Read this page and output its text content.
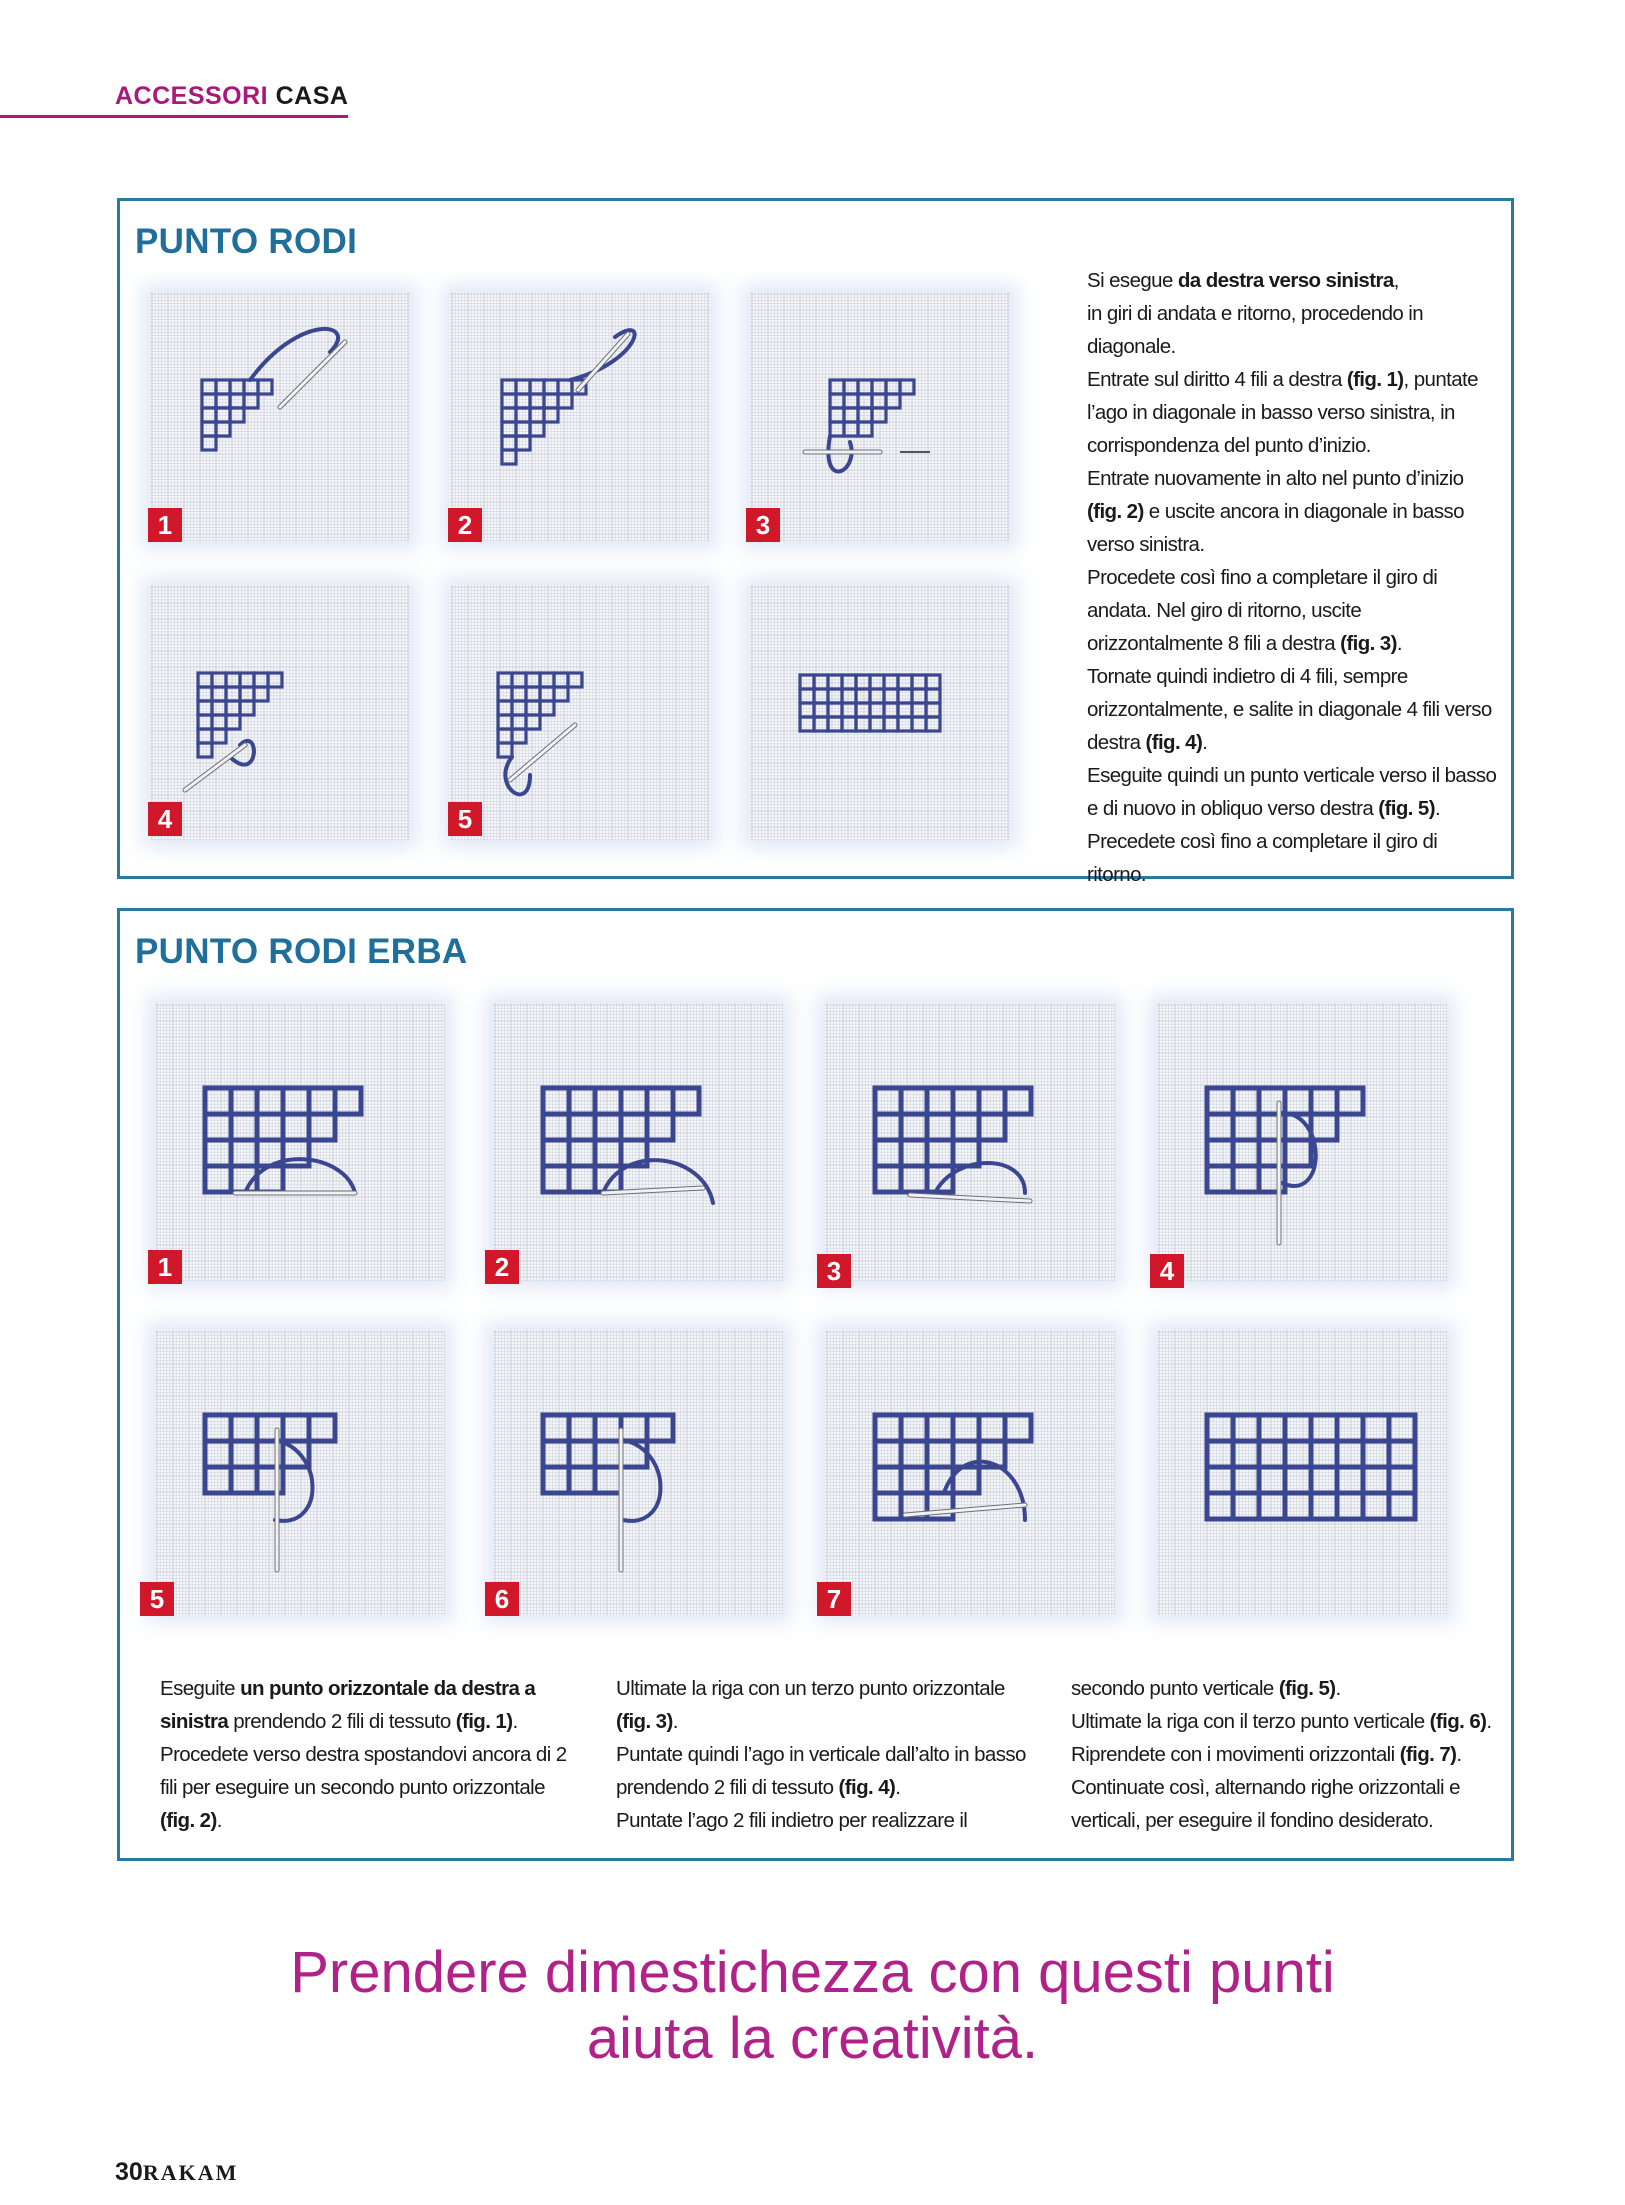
ACCESSORI CASA
PUNTO RODI
1	2	3
4	5
Si esegue da destra verso sinistra,
in giri di andata e ritorno, procedendo in diagonale.
Entrate sul diritto 4 fili a destra (fig. 1), puntate l’ago in diagonale in basso verso sinistra, in corrispondenza del punto d’inizio.
Entrate nuovamente in alto nel punto d’inizio (fig. 2) e uscite ancora in diagonale in basso verso sinistra.
Procedete così fino a completare il giro di andata. Nel giro di ritorno, uscite orizzontalmente 8 fili a destra (fig. 3).
Tornate quindi indietro di 4 fili, sempre orizzontalmente, e salite in diagonale 4 fili verso destra (fig. 4).
Eseguite quindi un punto verticale verso il basso e di nuovo in obliquo verso destra (fig. 5).
Precedete così fino a completare il giro di ritorno.
PUNTO RODI ERBA
1	2	3	4
5	6	7
Eseguite un punto orizzontale da destra a sinistra prendendo 2 fili di tessuto (fig. 1).
Procedete verso destra spostandovi ancora di 2 fili per eseguire un secondo punto orizzontale (fig. 2).
Ultimate la riga con un terzo punto orizzontale (fig. 3).
Puntate quindi l’ago in verticale dall’alto in basso prendendo 2 fili di tessuto (fig. 4).
Puntate l’ago 2 fili indietro per realizzare il
secondo punto verticale (fig. 5).
Ultimate la riga con il terzo punto verticale (fig. 6).
Riprendete con i movimenti orizzontali (fig. 7).
Continuate così, alternando righe orizzontali e verticali, per eseguire il fondino desiderato.
Prendere dimestichezza con questi punti
aiuta la creatività.
30RAKAM
